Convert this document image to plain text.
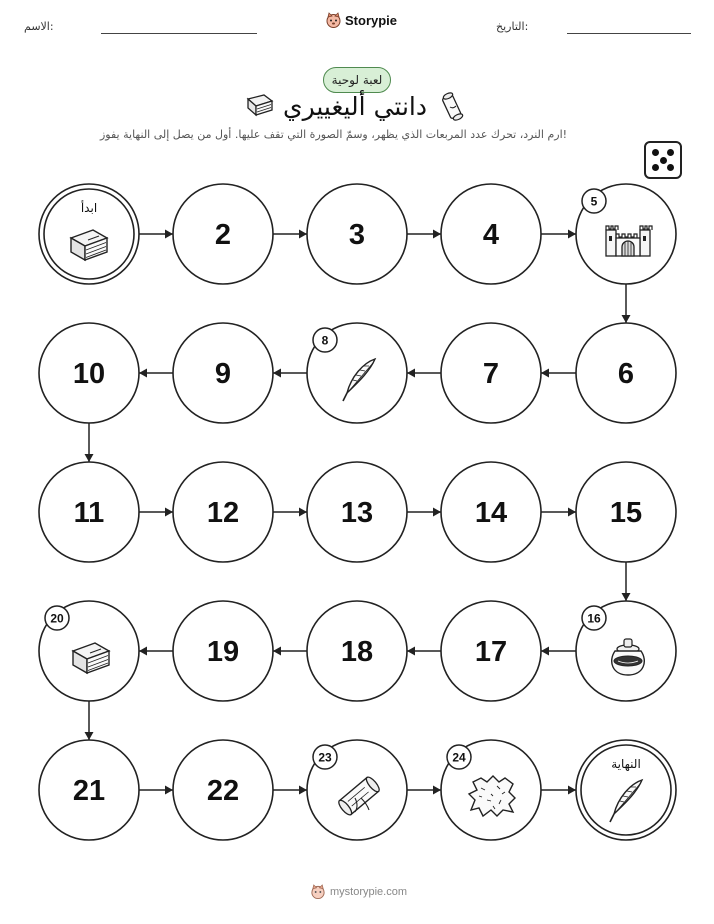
الاسم:	Storypie	التاريخ:
لعبة لوحية
دانتي أليغييري
ارم النرد، تحرك عدد المربعات الذي يظهر، وسمّ الصورة التي تقف عليها. أول من يصل إلى النهاية يفوز!
ابدأ
2	3	4
5
6
7
8
9
10
11	12	13	14	15
16
17
18
19
20
21	22
23	24	النهاية
mystorypie.com
